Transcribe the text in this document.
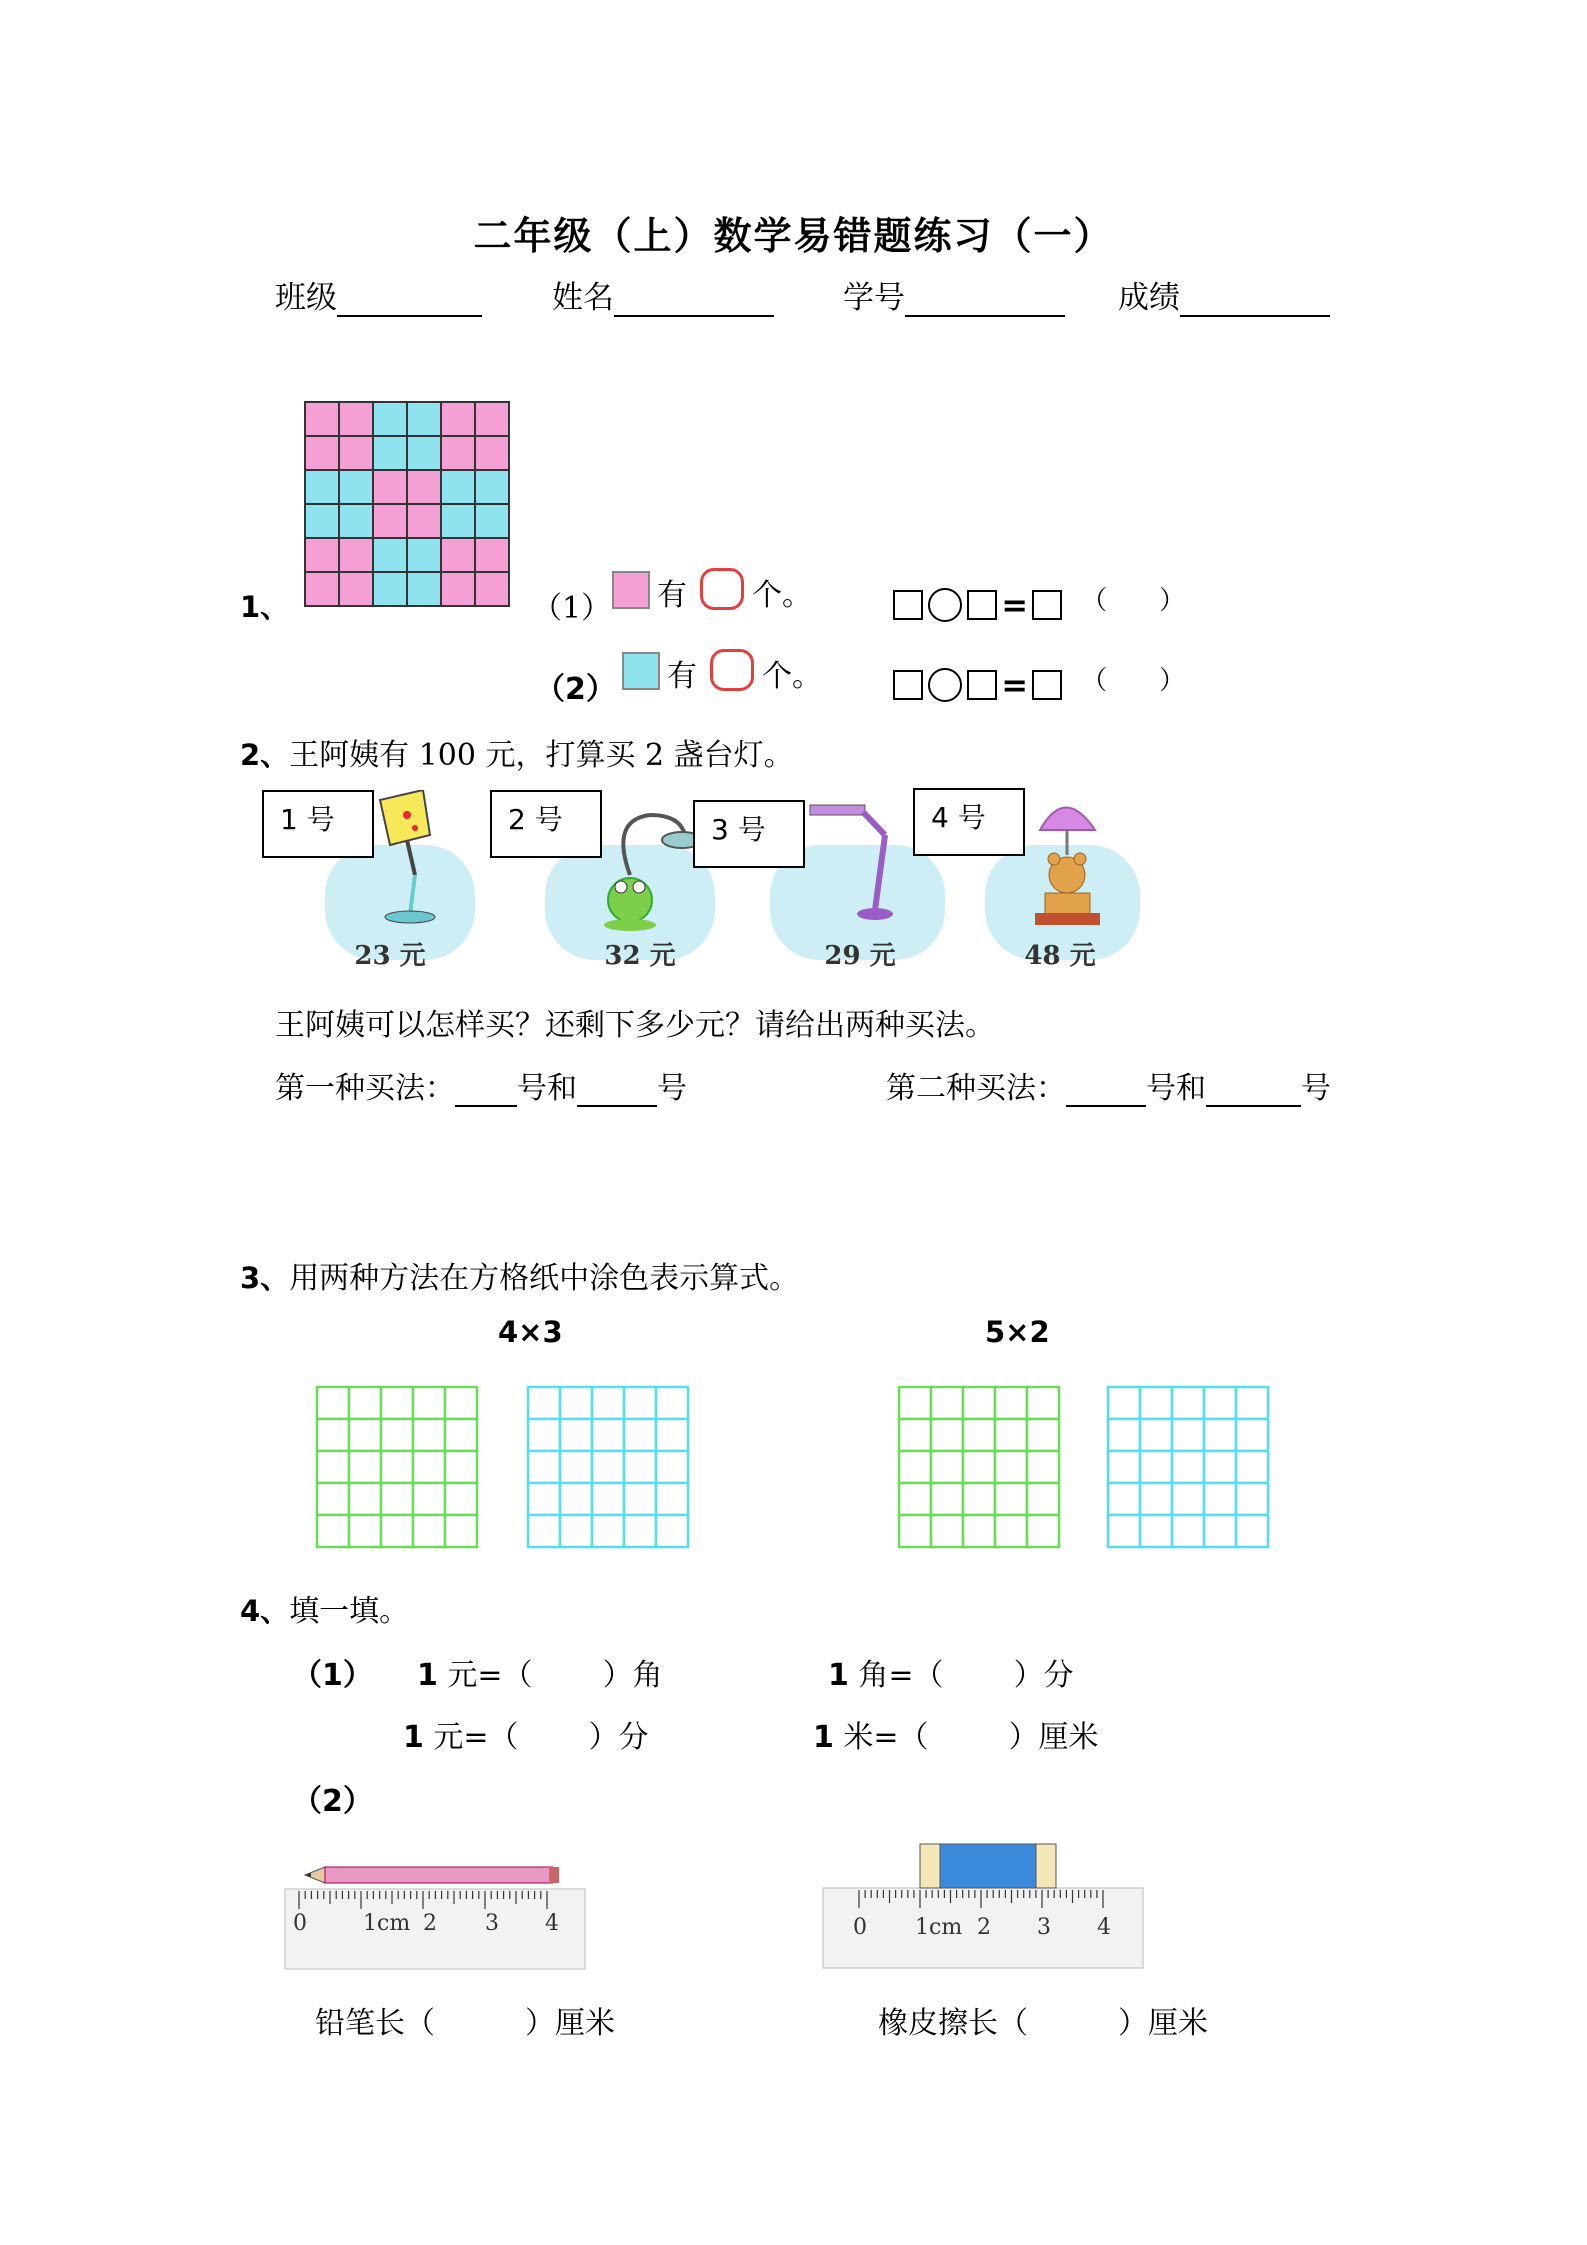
二年级（上）数学易错题练习（一）
班级	姓名	学号	成绩
1、	（1） 有 个。	= （　　）
（2） 有 个。	= （　　）
2、王阿姨有 100 元，打算买 2 盏台灯。
23 元
1 号
32 元
2 号
29 元
3 号
48 元
4 号
王阿姨可以怎样买？还剩下多少元？请给出两种买法。
第一种买法： 号和	号	第二种买法：	号和	号
3、用两种方法在方格纸中涂色表示算式。
4×3	5×2
4、填一填。
（1） 1 元=（ ）角	1 角=（ ）分
1 元=（ ）分	1 米=（	）厘米
（2）
0	1cm 2 3 4	0 1cm 2 3 4
铅笔长（　　　）厘米	橡皮擦长（　　　）厘米
